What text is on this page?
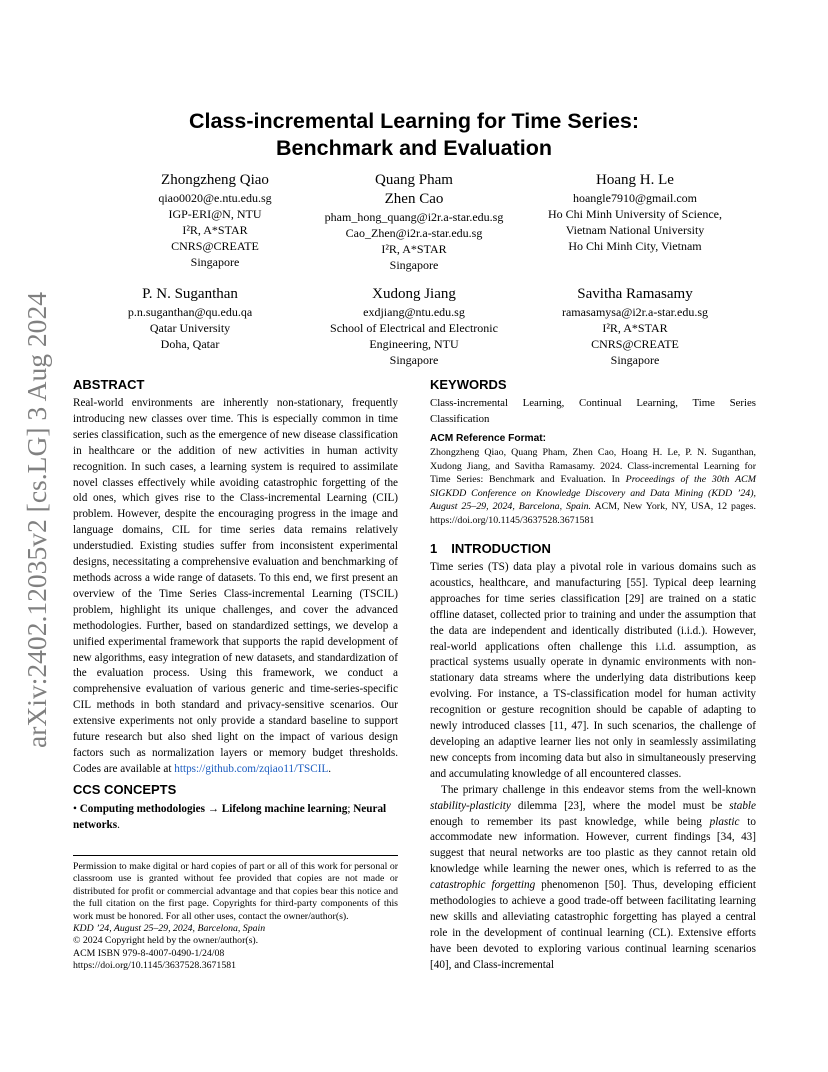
arXiv:2402.12035v2 [cs.LG] 3 Aug 2024
Class-incremental Learning for Time Series:
Benchmark and Evaluation
Zhongzheng Qiao
qiao0020@e.ntu.edu.sg
IGP-ERI@N, NTU
I²R, A*STAR
CNRS@CREATE
Singapore
Quang Pham
Zhen Cao
pham_hong_quang@i2r.a-star.edu.sg
Cao_Zhen@i2r.a-star.edu.sg
I²R, A*STAR
Singapore
Hoang H. Le
hoangle7910@gmail.com
Ho Chi Minh University of Science,
Vietnam National University
Ho Chi Minh City, Vietnam
P. N. Suganthan
p.n.suganthan@qu.edu.qa
Qatar University
Doha, Qatar
Xudong Jiang
exdjiang@ntu.edu.sg
School of Electrical and Electronic
Engineering, NTU
Singapore
Savitha Ramasamy
ramasamysa@i2r.a-star.edu.sg
I²R, A*STAR
CNRS@CREATE
Singapore
ABSTRACT
Real-world environments are inherently non-stationary, frequently introducing new classes over time. This is especially common in time series classification, such as the emergence of new disease classification in healthcare or the addition of new activities in human activity recognition. In such cases, a learning system is required to assimilate novel classes effectively while avoiding catastrophic forgetting of the old ones, which gives rise to the Class-incremental Learning (CIL) problem. However, despite the encouraging progress in the image and language domains, CIL for time series data remains relatively understudied. Existing studies suffer from inconsistent experimental designs, necessitating a comprehensive evaluation and benchmarking of methods across a wide range of datasets. To this end, we first present an overview of the Time Series Class-incremental Learning (TSCIL) problem, highlight its unique challenges, and cover the advanced methodologies. Further, based on standardized settings, we develop a unified experimental framework that supports the rapid development of new algorithms, easy integration of new datasets, and standardization of the evaluation process. Using this framework, we conduct a comprehensive evaluation of various generic and time-series-specific CIL methods in both standard and privacy-sensitive scenarios. Our extensive experiments not only provide a standard baseline to support future research but also shed light on the impact of various design factors such as normalization layers or memory budget thresholds. Codes are available at https://github.com/zqiao11/TSCIL.
CCS CONCEPTS
• Computing methodologies → Lifelong machine learning; Neural networks.
Permission to make digital or hard copies of part or all of this work for personal or classroom use is granted without fee provided that copies are not made or distributed for profit or commercial advantage and that copies bear this notice and the full citation on the first page. Copyrights for third-party components of this work must be honored. For all other uses, contact the owner/author(s).
KDD ’24, August 25–29, 2024, Barcelona, Spain
© 2024 Copyright held by the owner/author(s).
ACM ISBN 979-8-4007-0490-1/24/08
https://doi.org/10.1145/3637528.3671581
KEYWORDS
Class-incremental Learning, Continual Learning, Time Series Classification
ACM Reference Format:
Zhongzheng Qiao, Quang Pham, Zhen Cao, Hoang H. Le, P. N. Suganthan, Xudong Jiang, and Savitha Ramasamy. 2024. Class-incremental Learning for Time Series: Benchmark and Evaluation. In Proceedings of the 30th ACM SIGKDD Conference on Knowledge Discovery and Data Mining (KDD ’24), August 25–29, 2024, Barcelona, Spain. ACM, New York, NY, USA, 12 pages. https://doi.org/10.1145/3637528.3671581
1 INTRODUCTION
Time series (TS) data play a pivotal role in various domains such as acoustics, healthcare, and manufacturing [55]. Typical deep learning approaches for time series classification [29] are trained on a static offline dataset, collected prior to training and under the assumption that the data are independent and identically distributed (i.i.d.). However, real-world applications often challenge this i.i.d. assumption, as practical systems usually operate in dynamic environments with non-stationary data streams where the underlying data distributions keep evolving. For instance, a TS-classification model for human activity recognition or gesture recognition should be capable of adapting to newly introduced classes [11, 47]. In such scenarios, the challenge of developing an adaptive learner lies not only in seamlessly assimilating new concepts from incoming data but also in simultaneously preserving and accumulating knowledge of all encountered classes.
The primary challenge in this endeavor stems from the well-known stability-plasticity dilemma [23], where the model must be stable enough to remember its past knowledge, while being plastic to accommodate new information. However, current findings [34, 43] suggest that neural networks are too plastic as they cannot retain old knowledge while learning the newer ones, which is referred to as the catastrophic forgetting phenomenon [50]. Thus, developing efficient methodologies to achieve a good trade-off between facilitating learning new skills and alleviating catastrophic forgetting has played a central role in the development of continual learning (CL). Extensive efforts have been devoted to exploring various continual learning scenarios [40], and Class-incremental
